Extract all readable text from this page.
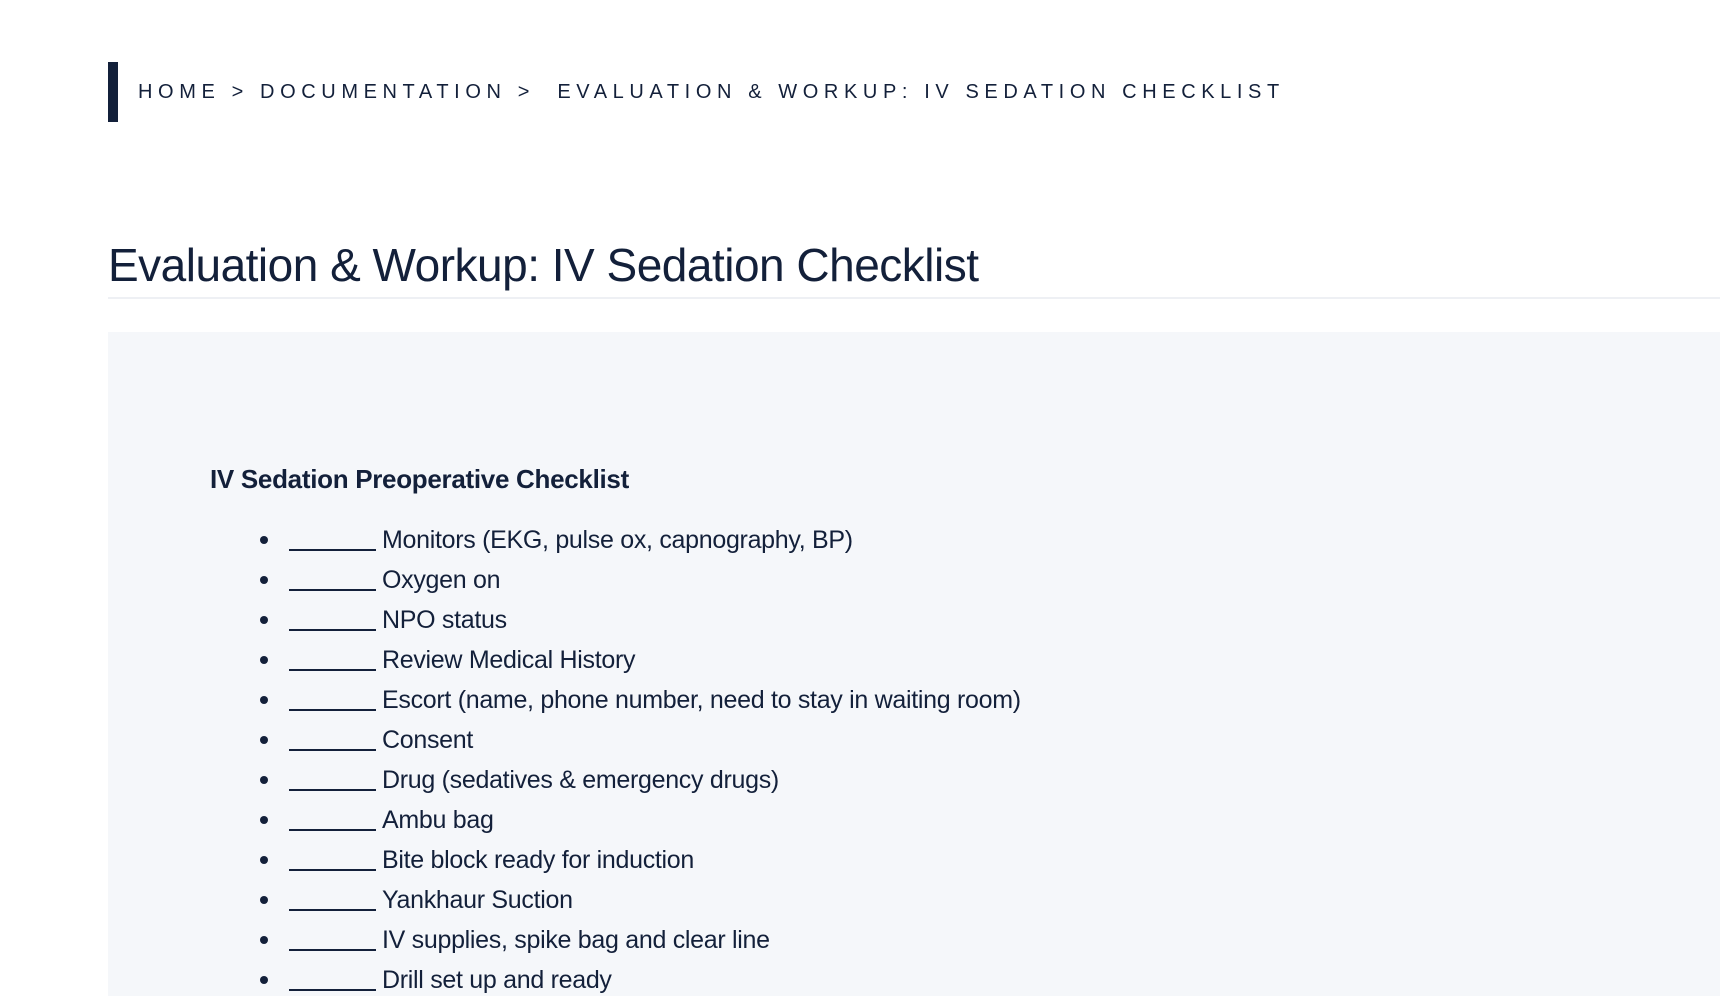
HOME > DOCUMENTATION > EVALUATION & WORKUP: IV SEDATION CHECKLIST
Evaluation & Workup: IV Sedation Checklist
IV Sedation Preoperative Checklist
Monitors (EKG, pulse ox, capnography, BP)
Oxygen on
NPO status
Review Medical History
Escort (name, phone number, need to stay in waiting room)
Consent
Drug (sedatives & emergency drugs)
Ambu bag
Bite block ready for induction
Yankhaur Suction
IV supplies, spike bag and clear line
Drill set up and ready
